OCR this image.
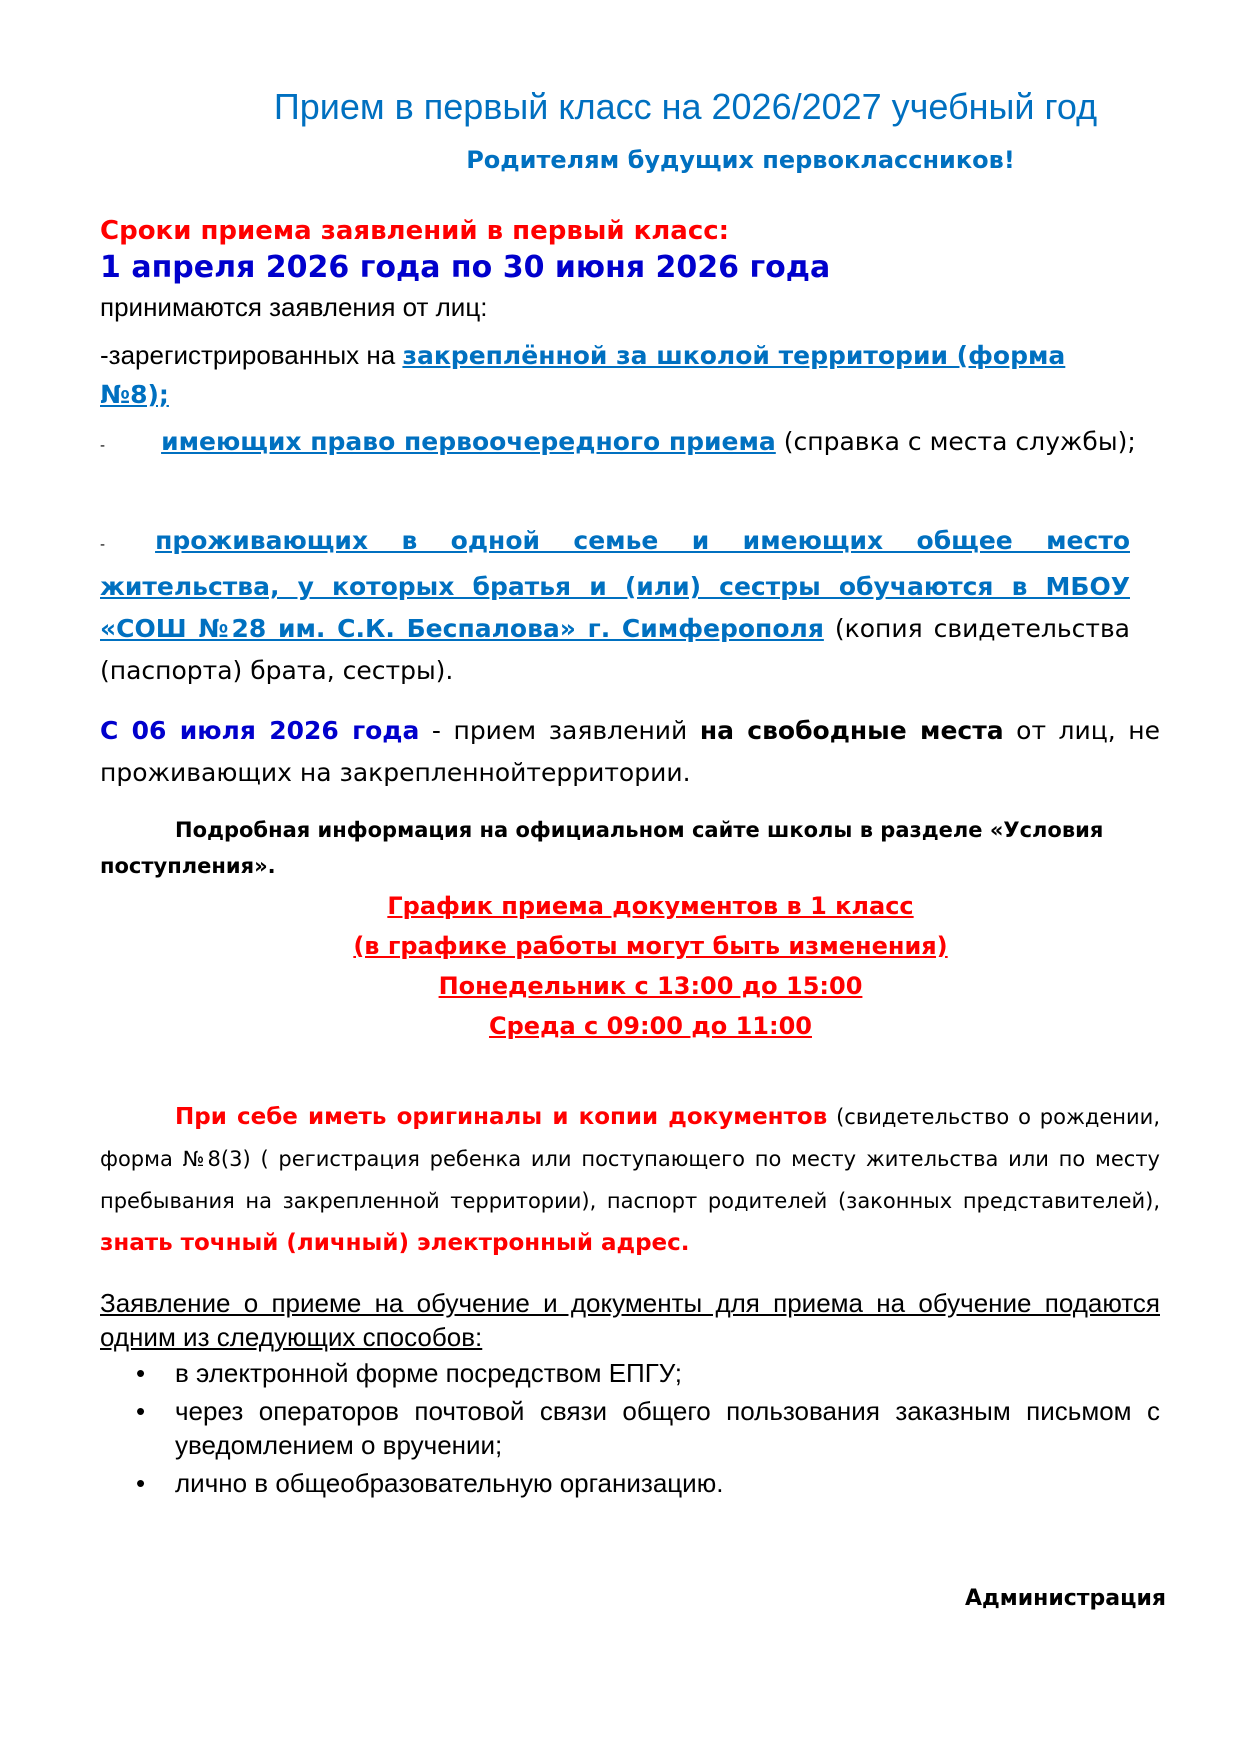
Прием в первый класс на 2026/2027 учебный год
Родителям будущих первоклассников!
Сроки приема заявлений в первый класс:
1 апреля 2026 года по 30 июня 2026 года
принимаются заявления от лиц:
-зарегистрированных на закреплённой за школой территории (форма №8);
- имеющих право первоочередного приема (справка с места службы);
- проживающих в одной семье и имеющих общее место жительства, у которых братья и (или) сестры обучаются в МБОУ «СОШ №28 им. С.К. Беспалова» г. Симферополя (копия свидетельства (паспорта) брата, сестры).
С 06 июля 2026 года - прием заявлений на свободные места от лиц, не проживающих на закрепленнойтерритории.
Подробная информация на официальном сайте школы в разделе «Условия поступления».
График приема документов в 1 класс
(в графике работы могут быть изменения)
Понедельник с 13:00 до 15:00
Среда с 09:00 до 11:00
При себе иметь оригиналы и копии документов (свидетельство о рождении, форма №8(3) ( регистрация ребенка или поступающего по месту жительства или по месту пребывания на закрепленной территории), паспорт родителей (законных представителей), знать точный (личный) электронный адрес.
Заявление о приеме на обучение и документы для приема на обучение подаются одним из следующих способов:
• в электронной форме посредством ЕПГУ;
• через операторов почтовой связи общего пользования заказным письмом с уведомлением о вручении;
• лично в общеобразовательную организацию.
Администрация
